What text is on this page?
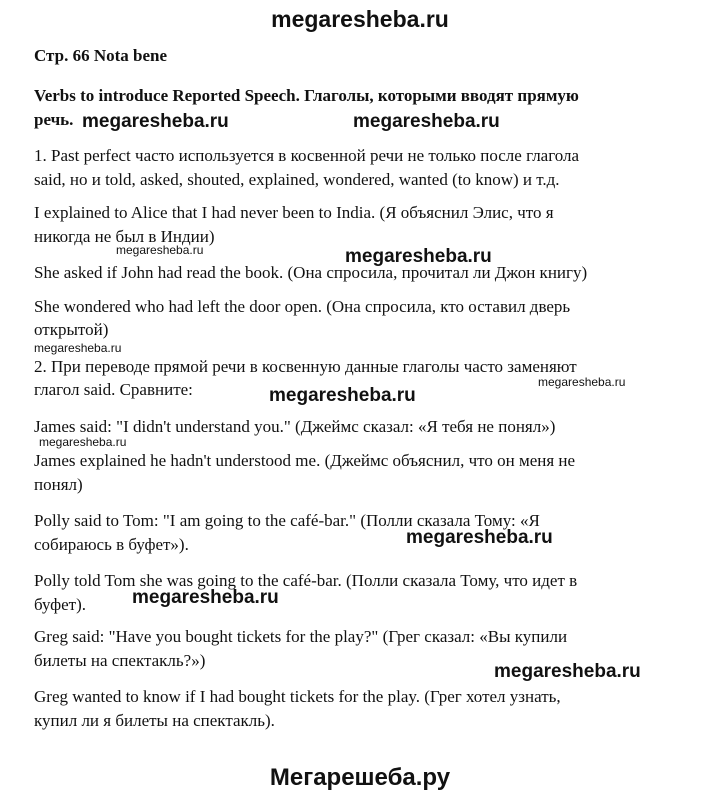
megaresheba.ru
Стр. 66 Nota bene
Verbs to introduce Reported Speech. Глаголы, которыми вводят прямую
речь.
1. Past perfect часто используется в косвенной речи не только после глагола
said, но и told, asked, shouted, explained, wondered, wanted (to know) и т.д.
I explained to Alice that I had never been to India. (Я объяснил Элис, что я
никогда не был в Индии)
She asked if John had read the book. (Она спросила, прочитал ли Джон книгу)
She wondered who had left the door open. (Она спросила, кто оставил дверь
открытой)
2. При переводе прямой речи в косвенную данные глаголы часто заменяют
глагол said. Сравните:
James said: "I didn't understand you." (Джеймс сказал: «Я тебя не понял»)
James explained he hadn't understood me. (Джеймс объяснил, что он меня не
понял)
Polly said to Tom: "I am going to the café-bar." (Полли сказала Тому: «Я
собираюсь в буфет»).
Polly told Tom she was going to the café-bar. (Полли сказала Тому, что идет в
буфет).
Greg said: "Have you bought tickets for the play?" (Грег сказал: «Вы купили
билеты на спектакль?»)
Greg wanted to know if I had bought tickets for the play. (Грег хотел узнать,
купил ли я билеты на спектакль).
megaresheba.ru	megaresheba.ru
megaresheba.ru	megaresheba.ru
megaresheba.ru
megaresheba.ru
megaresheba.ru
megaresheba.ru
megaresheba.ru
megaresheba.ru
megaresheba.ru
Мегарешеба.ру
